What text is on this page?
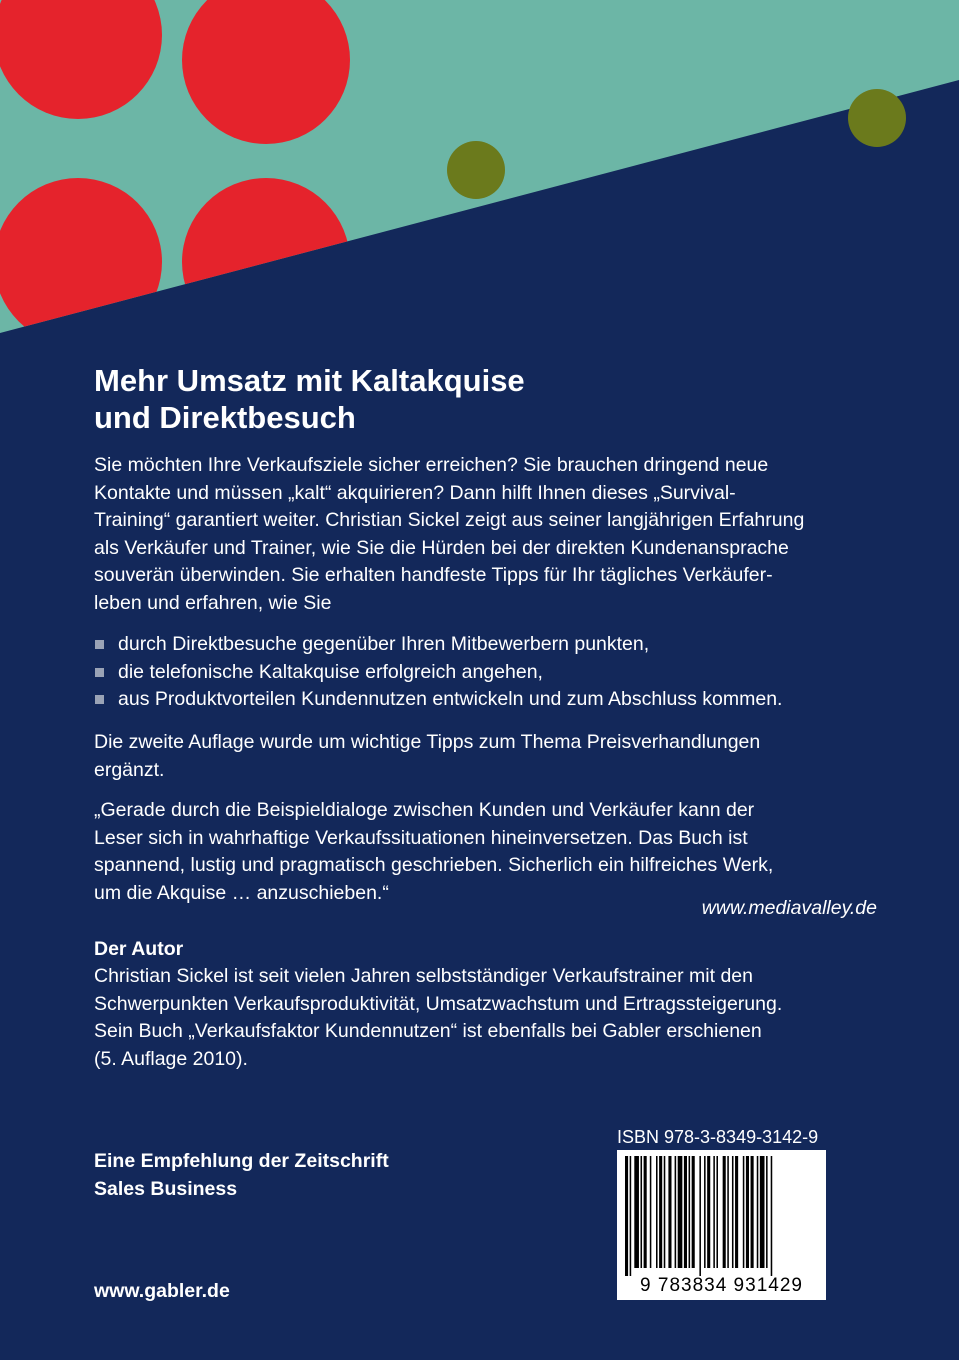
Mehr Umsatz mit Kaltakquise
und Direktbesuch
Sie möchten Ihre Verkaufsziele sicher erreichen? Sie brauchen dringend neue
Kontakte und müssen „kalt“ akquirieren? Dann hilft Ihnen dieses „Survival-
Training“ garantiert weiter. Christian Sickel zeigt aus seiner langjährigen Erfahrung
als Verkäufer und Trainer, wie Sie die Hürden bei der direkten Kundenansprache
souverän überwinden. Sie erhalten handfeste Tipps für Ihr tägliches Verkäufer-
leben und erfahren, wie Sie
durch Direktbesuche gegenüber Ihren Mitbewerbern punkten,
die telefonische Kaltakquise erfolgreich angehen,
aus Produktvorteilen Kundennutzen entwickeln und zum Abschluss kommen.
Die zweite Auflage wurde um wichtige Tipps zum Thema Preisverhandlungen
ergänzt.
„Gerade durch die Beispieldialoge zwischen Kunden und Verkäufer kann der
Leser sich in wahrhaftige Verkaufssituationen hineinversetzen. Das Buch ist
spannend, lustig und pragmatisch geschrieben. Sicherlich ein hilfreiches Werk,
um die Akquise … anzuschieben.“
www.mediavalley.de
Der Autor
Christian Sickel ist seit vielen Jahren selbstständiger Verkaufstrainer mit den
Schwerpunkten Verkaufsproduktivität, Umsatzwachstum und Ertragssteigerung.
Sein Buch „Verkaufsfaktor Kundennutzen“ ist ebenfalls bei Gabler erschienen
(5. Auflage 2010).
Eine Empfehlung der Zeitschrift
Sales Business
www.gabler.de
ISBN 978-3-8349-3142-9
9 783834 931429
